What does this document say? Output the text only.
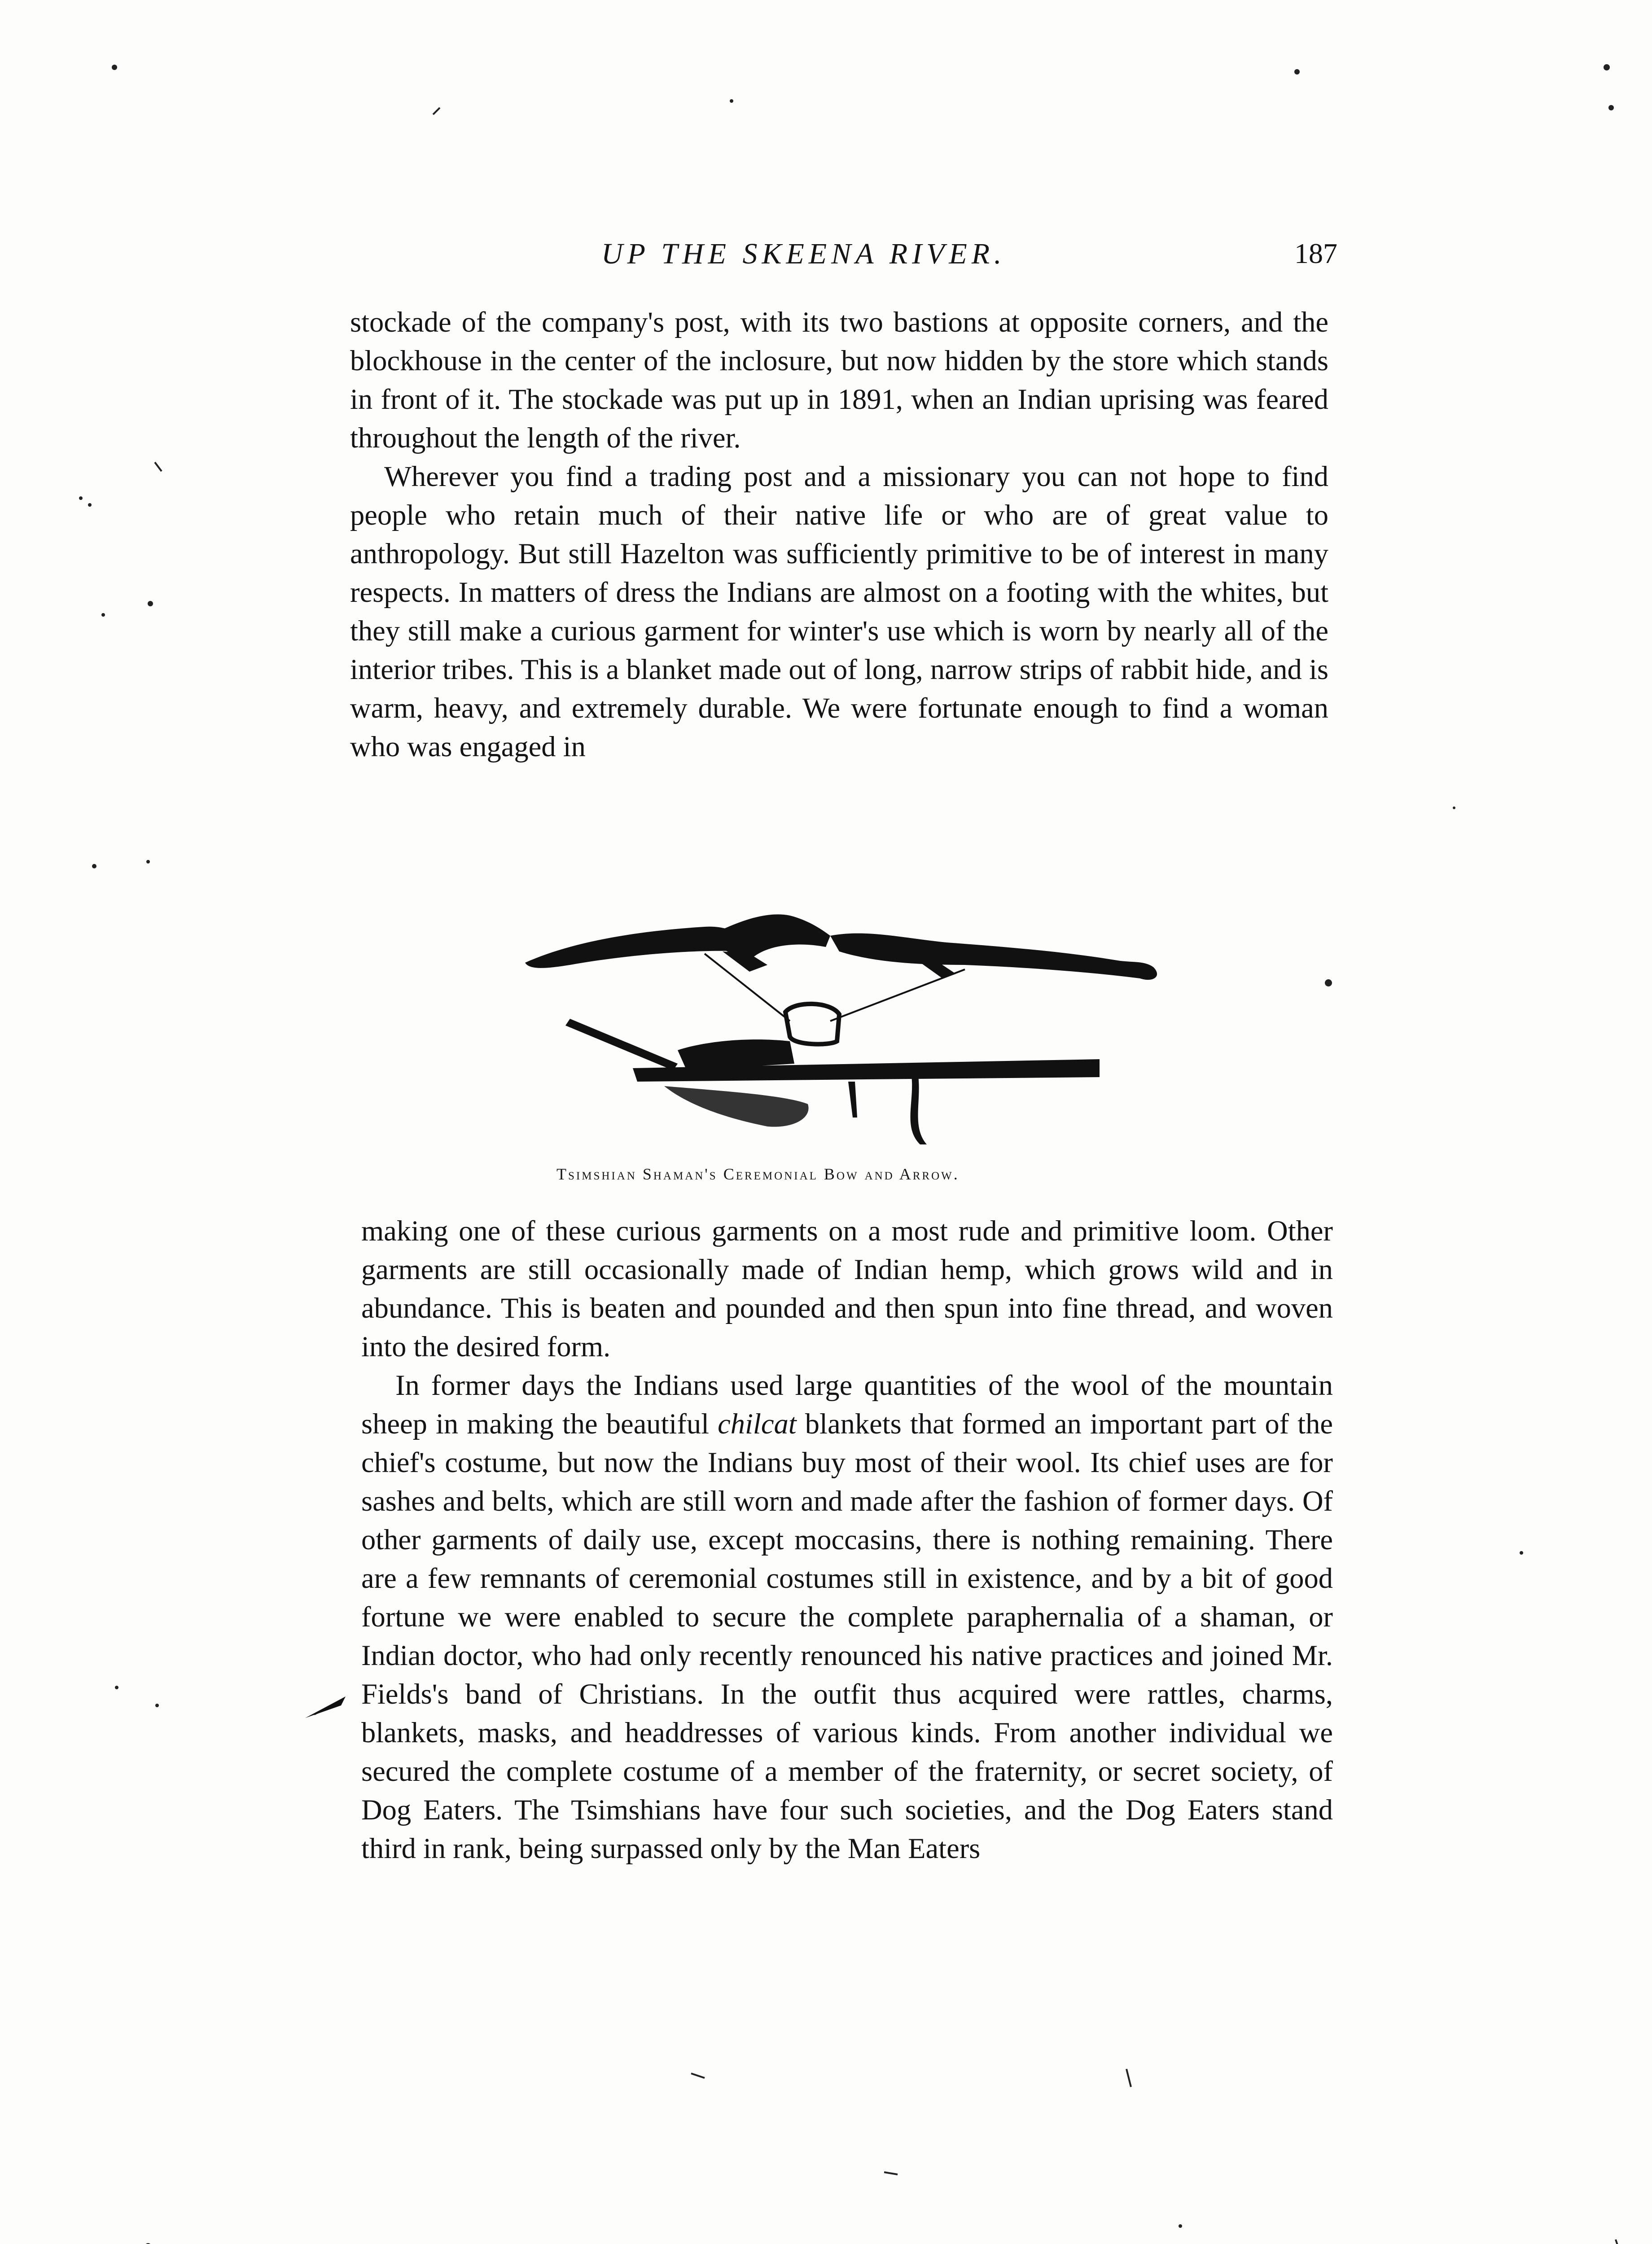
UP THE SKEENA RIVER.	187

stockade of the company's post, with its two bastions at opposite corners, and the blockhouse in the center of the inclosure, but now hidden by the store which stands in front of it. The stockade was put up in 1891, when an Indian uprising was feared throughout the length of the river.

Wherever you find a trading post and a missionary you can not hope to find people who retain much of their native life or who are of great value to anthropology. But still Hazelton was sufficiently primitive to be of interest in many respects. In matters of dress the Indians are almost on a footing with the whites, but they still make a curious garment for winter's use which is worn by nearly all of the interior tribes. This is a blanket made out of long, narrow strips of rabbit hide, and is warm, heavy, and extremely durable. We were fortunate enough to find a woman who was engaged in

Tsimshian Shaman's Ceremonial Bow and Arrow.

making one of these curious garments on a most rude and primitive loom. Other garments are still occasionally made of Indian hemp, which grows wild and in abundance. This is beaten and pounded and then spun into fine thread, and woven into the desired form.

In former days the Indians used large quantities of the wool of the mountain sheep in making the beautiful chilcat blankets that formed an important part of the chief's costume, but now the Indians buy most of their wool. Its chief uses are for sashes and belts, which are still worn and made after the fashion of former days. Of other garments of daily use, except moccasins, there is nothing remaining. There are a few remnants of ceremonial costumes still in existence, and by a bit of good fortune we were enabled to secure the complete paraphernalia of a shaman, or Indian doctor, who had only recently renounced his native practices and joined Mr. Fields's band of Christians. In the outfit thus acquired were rattles, charms, blankets, masks, and headdresses of various kinds. From another individual we secured the complete costume of a member of the fraternity, or secret society, of Dog Eaters. The Tsimshians have four such societies, and the Dog Eaters stand third in rank, being surpassed only by the Man Eaters
